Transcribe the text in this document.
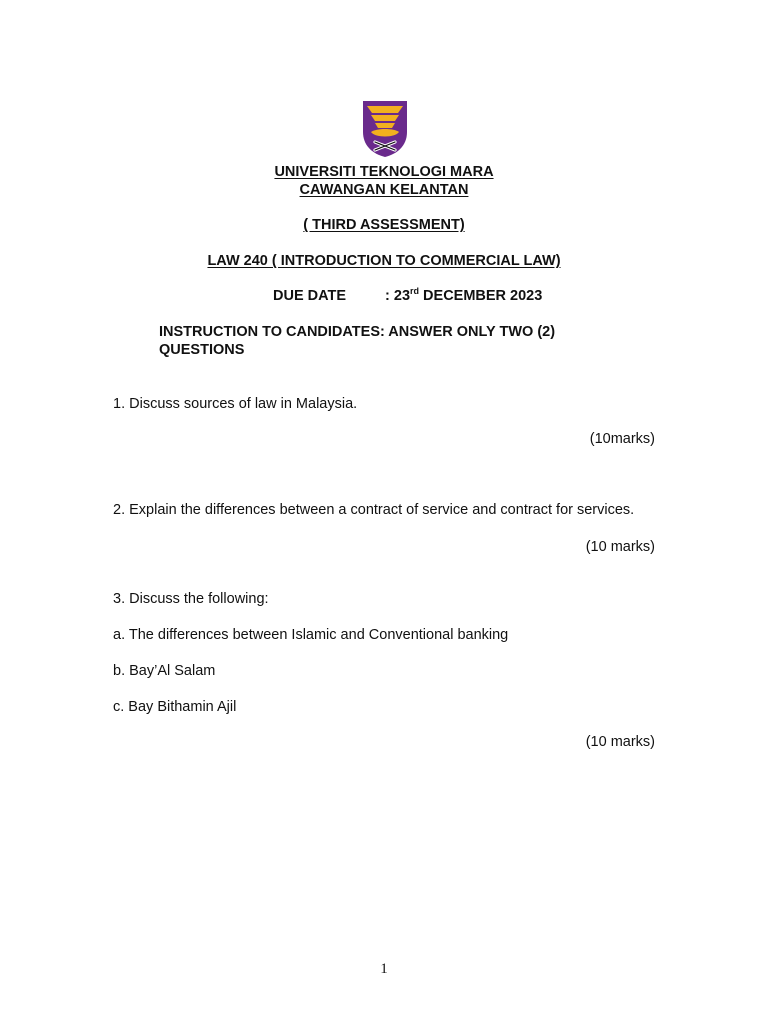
UNIVERSITI TEKNOLOGI MARA
CAWANGAN KELANTAN
( THIRD ASSESSMENT)
LAW 240 ( INTRODUCTION TO COMMERCIAL LAW)
DUE DATE	: 23rd DECEMBER 2023
INSTRUCTION TO CANDIDATES: ANSWER ONLY TWO (2)
QUESTIONS
1. Discuss sources of law in Malaysia.
(10marks)
2. Explain the differences between a contract of service and contract for services.
(10 marks)
3. Discuss the following:
a. The differences between Islamic and Conventional banking
b. Bay’Al Salam
c. Bay Bithamin Ajil
(10 marks)
1
